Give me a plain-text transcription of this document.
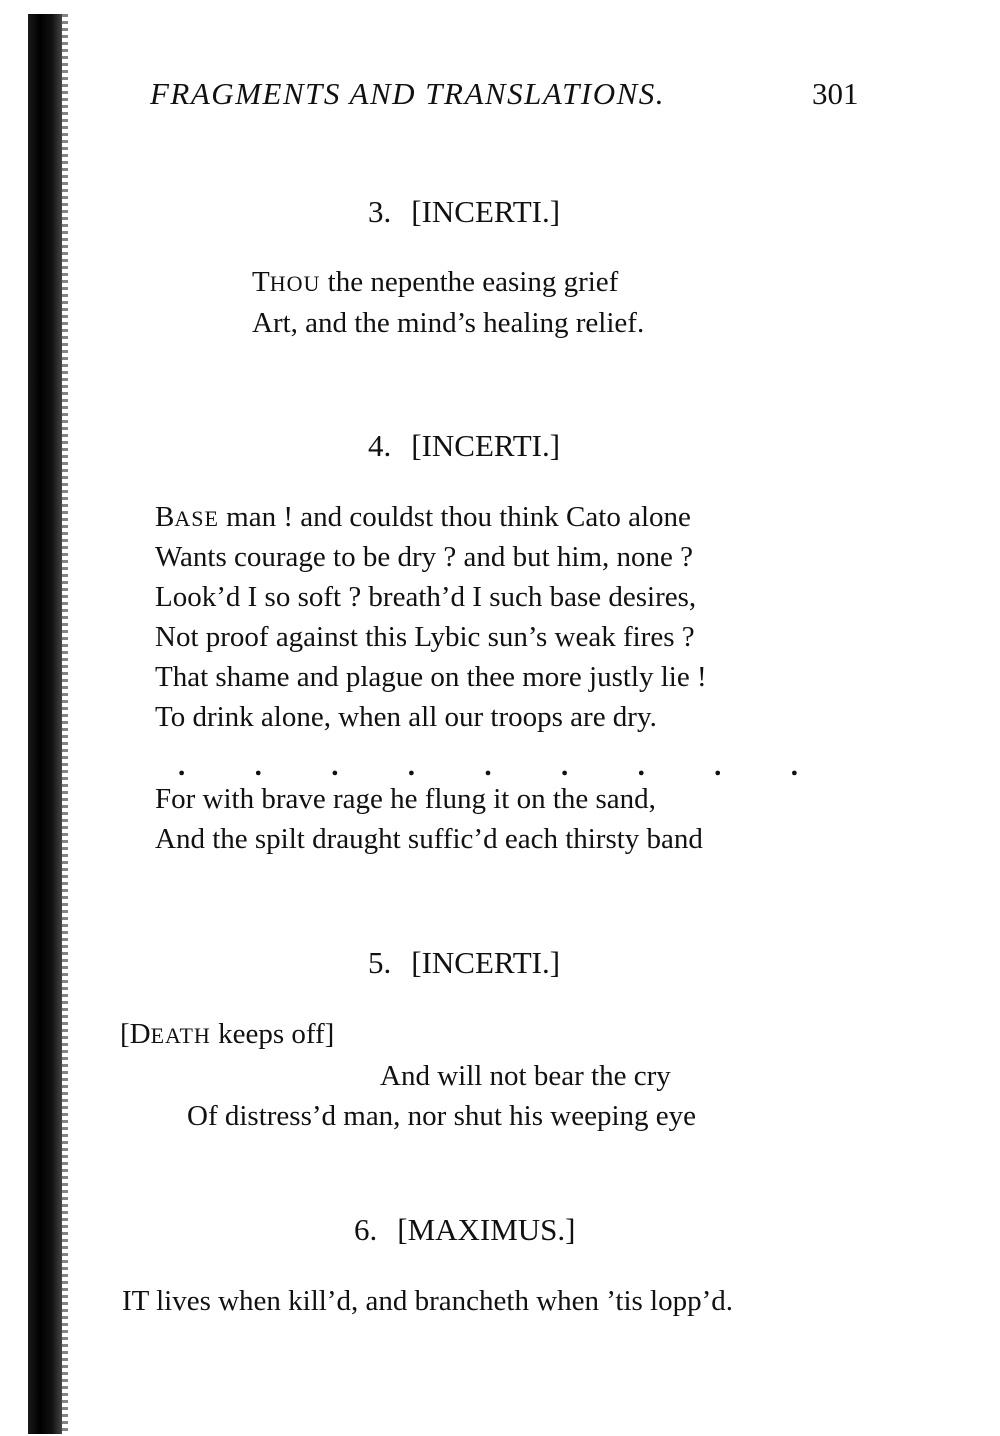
FRAGMENTS AND TRANSLATIONS.	301
3. [INCERTI.]
THOU the nepenthe easing grief
Art, and the mind’s healing relief.
4. [INCERTI.]
BASE man ! and couldst thou think Cato alone
Wants courage to be dry ? and but him, none ?
Look’d I so soft ? breath’d I such base desires,
Not proof against this Lybic sun’s weak fires ?
That shame and plague on thee more justly lie !
To drink alone, when all our troops are dry.
. . . . . . . . .
For with brave rage he flung it on the sand,
And the spilt draught suffic’d each thirsty band
5. [INCERTI.]
[DEATH keeps off]
And will not bear the cry
Of distress’d man, nor shut his weeping eye
6. [MAXIMUS.]
IT lives when kill’d, and brancheth when ’tis lopp’d.
